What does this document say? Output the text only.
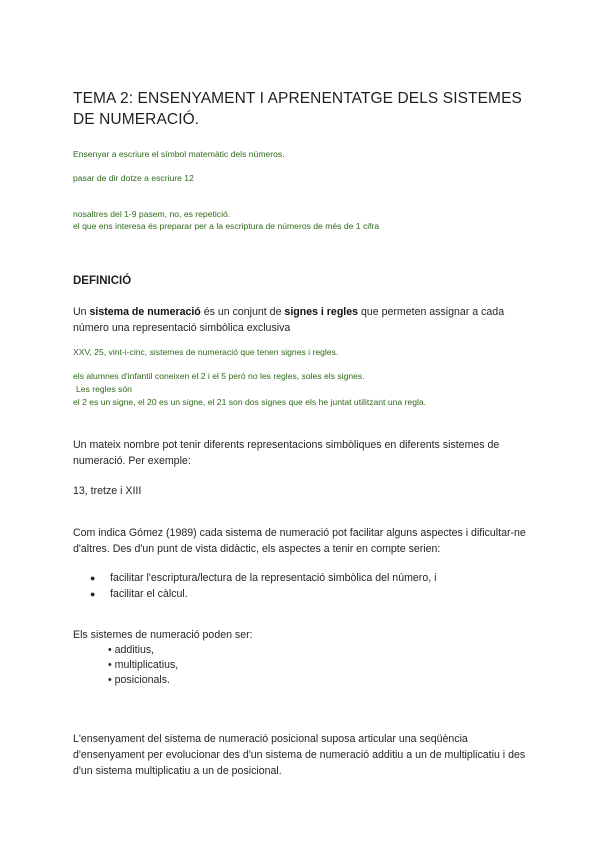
TEMA 2: ENSENYAMENT I APRENENTATGE DELS SISTEMES DE NUMERACIÓ.
Ensenyar a escriure el símbol matemàtic dels números.
pasar de dir dotze a escriure 12
nosaltres del 1-9 pasem, no, es repetició.
el que ens interesa és preparar per a la escriptura de números de més de 1 cifra
DEFINICIÓ
Un sistema de numeració és un conjunt de signes i regles que permeten assignar a cada número una representació simbòlica exclusiva
XXV, 25, vint-i-cinc, sistemes de numeració que tenen signes i regles.
els alumnes d'infantil coneixen el 2 i el 5 però no les regles, soles els signes.
Les regles són
el 2 es un signe, el 20 es un signe, el 21 son dos signes que els he juntat utilitzant una regla.
Un mateix nombre pot tenir diferents representacions simbòliques en diferents sistemes de numeració. Per exemple:
13, tretze i XIII
Com indica Gómez (1989) cada sistema de numeració pot facilitar alguns aspectes i dificultar-ne d'altres. Des d'un punt de vista didàctic, els aspectes a tenir en compte serien:
● facilitar l'escriptura/lectura de la representació simbòlica del número, i
● facilitar el càlcul.
Els sistemes de numeració poden ser:
• additius,
• multiplicatius,
• posicionals.
L'ensenyament del sistema de numeració posicional suposa articular una seqüència d'ensenyament per evolucionar des d'un sistema de numeració additiu a un de multiplicatiu i des d'un sistema multiplicatiu a un de posicional.
